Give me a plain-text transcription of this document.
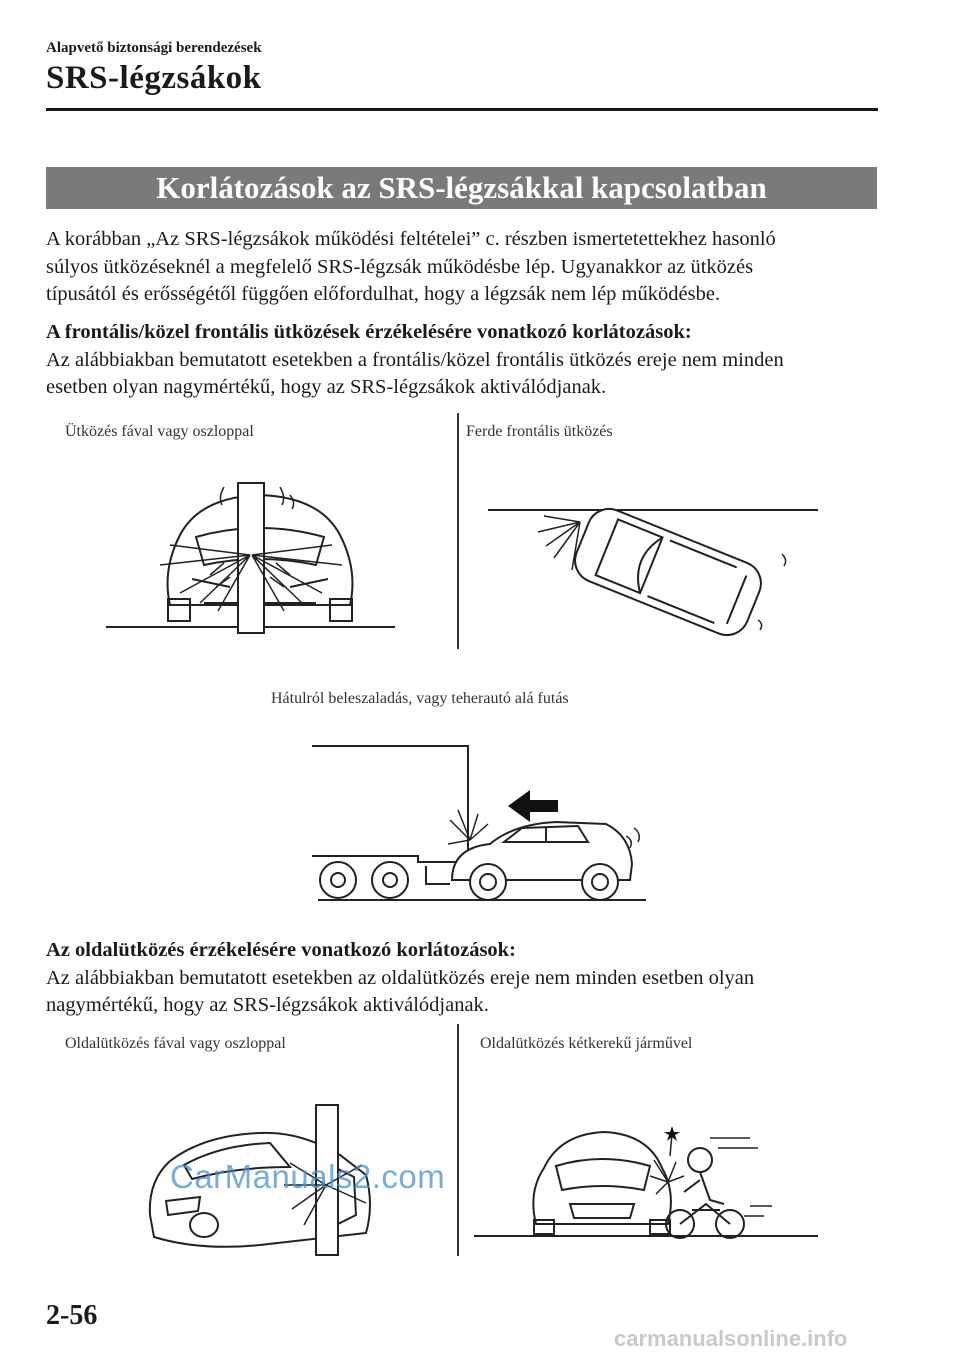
Alapvető biztonsági berendezések
SRS-légzsákok
Korlátozások az SRS-légzsákkal kapcsolatban
A korábban „Az SRS-légzsákok működési feltételei” c. részben ismertetettekhez hasonló
súlyos ütközéseknél a megfelelő SRS-légzsák működésbe lép. Ugyanakkor az ütközés
típusától és erősségétől függően előfordulhat, hogy a légzsák nem lép működésbe.
A frontális/közel frontális ütközések érzékelésére vonatkozó korlátozások:
Az alábbiakban bemutatott esetekben a frontális/közel frontális ütközés ereje nem minden
esetben olyan nagymértékű, hogy az SRS-légzsákok aktiválódjanak.
Ütközés fával vagy oszloppal	Ferde frontális ütközés
Hátulról beleszaladás, vagy teherautó alá futás
Az oldalütközés érzékelésére vonatkozó korlátozások:
Az alábbiakban bemutatott esetekben az oldalütközés ereje nem minden esetben olyan
nagymértékű, hogy az SRS-légzsákok aktiválódjanak.
Oldalütközés fával vagy oszloppal	Oldalütközés kétkerekű járművel
CarManuals2.com
2-56
carmanualsonline.info
